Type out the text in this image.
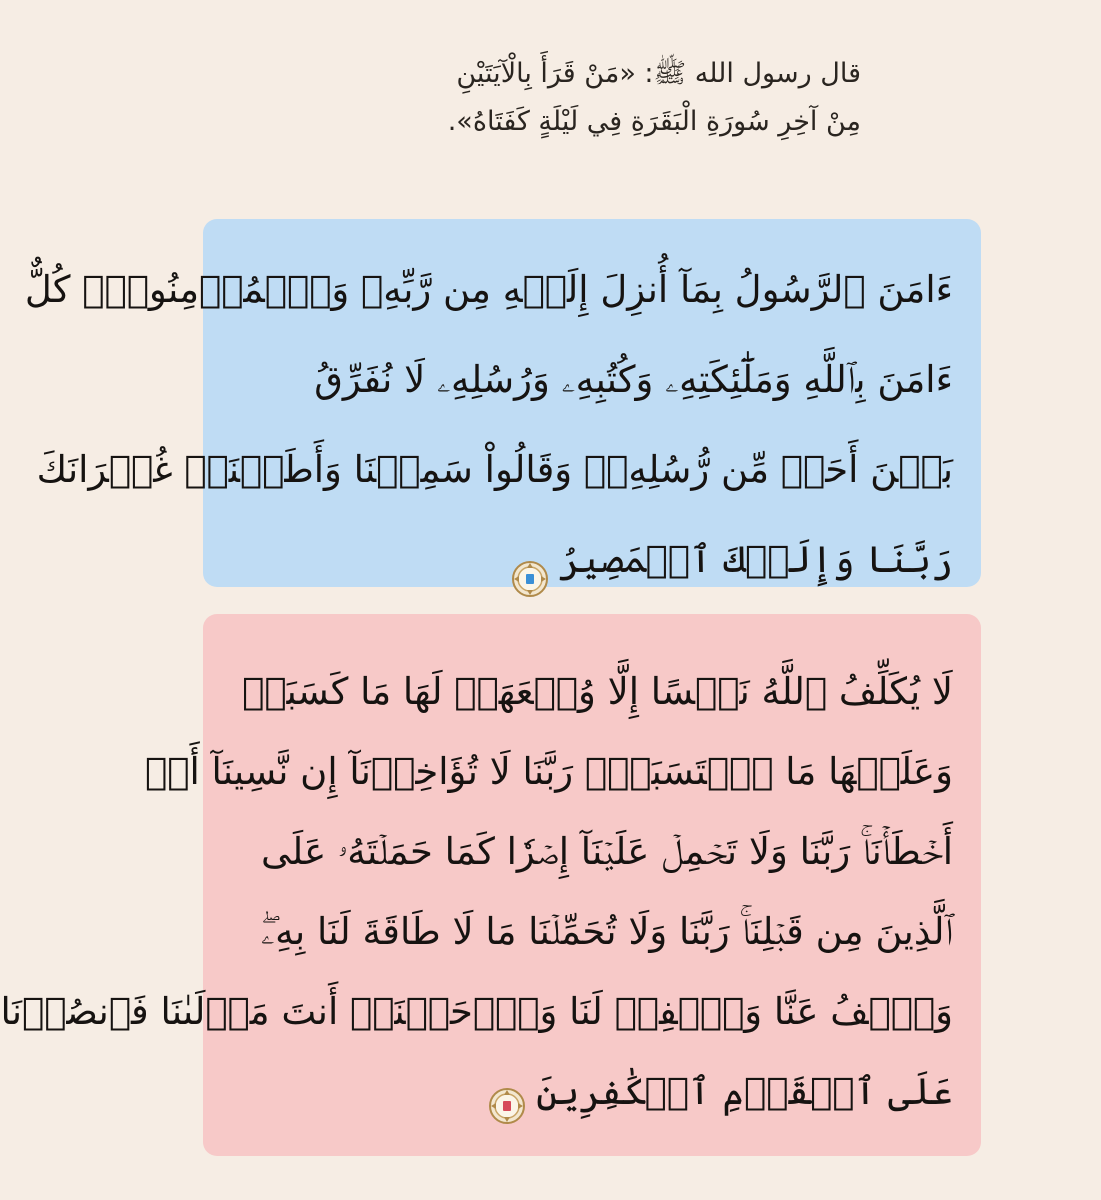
قال رسول الله ﷺ: «مَنْ قَرَأَ بِالْآيَتَيْنِ
مِنْ آخِرِ سُورَةِ الْبَقَرَةِ فِي لَيْلَةٍ كَفَتَاهُ».
ءَامَنَ ٱلرَّسُولُ بِمَآ أُنزِلَ إِلَيۡهِ مِن رَّبِّهِۦ وَٱلۡمُؤۡمِنُونَۚ كُلٌّ
ءَامَنَ بِٱللَّهِ وَمَلَٰٓئِكَتِهِۦ وَكُتُبِهِۦ وَرُسُلِهِۦ لَا نُفَرِّقُ
بَيۡنَ أَحَدٖ مِّن رُّسُلِهِۦۚ وَقَالُواْ سَمِعۡنَا وَأَطَعۡنَاۖ غُفۡرَانَكَ
رَبَّنَا وَإِلَيۡكَ ٱلۡمَصِيرُ
لَا يُكَلِّفُ ٱللَّهُ نَفۡسًا إِلَّا وُسۡعَهَاۚ لَهَا مَا كَسَبَتۡ
وَعَلَيۡهَا مَا ٱكۡتَسَبَتۡۗ رَبَّنَا لَا تُؤَاخِذۡنَآ إِن نَّسِينَآ أَوۡ
أَخۡطَأۡنَاۚ رَبَّنَا وَلَا تَحۡمِلۡ عَلَيۡنَآ إِصۡرٗا كَمَا حَمَلۡتَهُۥ عَلَى
ٱلَّذِينَ مِن قَبۡلِنَاۚ رَبَّنَا وَلَا تُحَمِّلۡنَا مَا لَا طَاقَةَ لَنَا بِهِۦۖ
وَٱعۡفُ عَنَّا وَٱغۡفِرۡ لَنَا وَٱرۡحَمۡنَآۚ أَنتَ مَوۡلَىٰنَا فَٱنصُرۡنَا
عَلَى ٱلۡقَوۡمِ ٱلۡكَٰفِرِينَ
